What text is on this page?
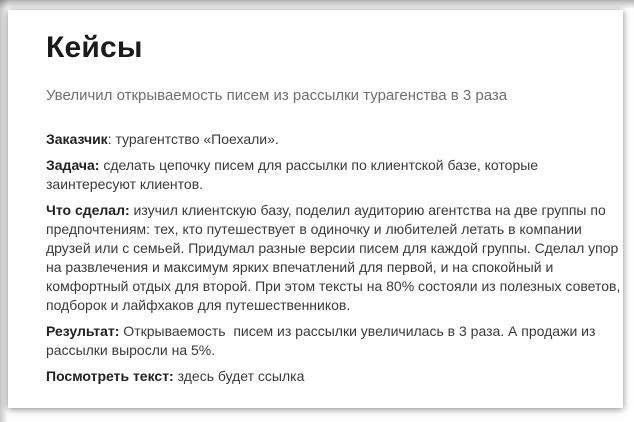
Кейсы
Увеличил открываемость писем из рассылки турагенства в 3 раза

Заказчик: турагентство «Поехали».

Задача: сделать цепочку писем для рассылки по клиентской базе, которые заинтересуют клиентов.

Что сделал: изучил клиентскую базу, поделил аудиторию агентства на две группы по предпочтениям: тех, кто путешествует в одиночку и любителей летать в компании друзей или с семьей. Придумал разные версии писем для каждой группы. Сделал упор на развлечения и максимум ярких впечатлений для первой, и на спокойный и комфортный отдых для второй. При этом тексты на 80% состояли из полезных советов, подборок и лайфхаков для путешественников.

Результат: Открываемость  писем из рассылки увеличилась в 3 раза. А продажи из рассылки выросли на 5%.

Посмотреть текст: здесь будет ссылка
